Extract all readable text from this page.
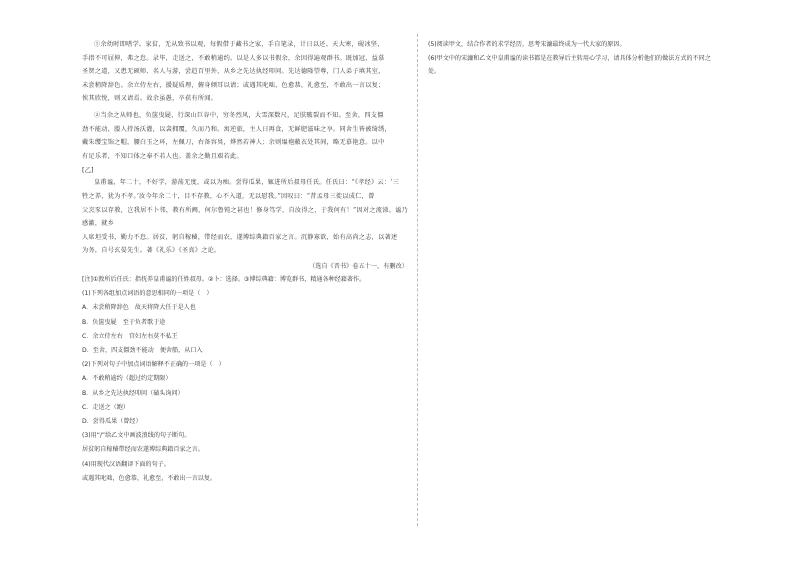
①余幼时即嗜学。家贫，无从致书以观，每假借于藏书之家，手自笔录，计日以还。天大寒，砚冰坚，

手指不可屈伸，弗之怠。录毕，走送之，不敢稍逾约。以是人多以书假余，余因得遍观群书。既加冠，益慕

圣贤之道，又患无硕师、名人与游，尝趋百里外，从乡之先达执经叩问。先达德隆望尊，门人弟子填其室，

未尝稍降辞色。余立侍左右，援疑质理，俯身倾耳以请；或遇其叱咄，色愈恭，礼愈至，不敢出一言以复；

俟其欣悦，则又请焉。故余虽愚，卒获有所闻。

②当余之从师也，负箧曳屣，行深山巨谷中，穷冬烈风，大雪深数尺，足肤皲裂而不知。至舍，四支僵

劲不能动，媵人持汤沃灌，以衾拥覆，久而乃和。寓逆旅，主人日再食，无鲜肥滋味之享。同舍生皆被绮绣，

戴朱缨宝饰之帽，腰白玉之环，左佩刀，右备容臭，烨然若神人；余则缊袍敝衣处其间，略无慕艳意。以中

有足乐者，不知口体之奉不若人也。盖余之勤且艰若此。

[乙]

皇甫谧，年二十，不好学，游荡无度，或以为痴。尝得瓜果，辄进所后叔母任氏。任氏曰：“《孝经》云：‘三

牲之养，犹为不孝。’汝今年余二十，目不存教，心不入道，无以慰我。”因叹曰：“昔孟母三徙以成仁，曾

父烹豕以存教，岂我居不卜邻，教有所阙，何尔鲁钝之甚也！修身笃学，自汝得之，于我何有！”因对之流涕。谧乃感激，就乡

人席坦受书，勤力不怠。居贫，躬自稼穑，带经而农，遂博综典籍百家之言。沉静寡欲，始有高尚之志，以著述

为务，自号玄晏先生。著《礼乐》《圣真》之论。

（选自《晋书》卷五十一，有删改）

[注]①敦所后任氏：指抚养皇甫谧的任姓叔母。②卜：选择。③博综典籍：博览群书，精通各种经籍著作。

(1)下列各组加点词语的意思相同的一项是（　）

A．未尝稍降辞色　故天将降大任于是人也

B．负箧曳屣　至于负者歌于途

C．余立侍左右　宫妇左右莫不私王

D．至舍，四支僵劲不能动　便舍船，从口入

(2)下列对句子中加点词语解释不正确的一项是（　）

A．不敢稍逾约（超过约定期限）

B．从乡之先达执经叩问（磕头询问）

C．走送之（跑）

D．尝得瓜果（曾经）

(3)用“/”给乙文中画波浪线的句子断句。

居贫躬自稼穑带经而农遂博综典籍百家之言。

(4)用现代汉语翻译下面的句子。

或遇其叱咄，色愈恭，礼愈至，不敢出一言以复。

(5)阅读甲文，结合作者的求学经历，思考宋濂最终成为一代大家的原因。

(6)甲文中的宋濂和乙文中皇甫谧的读书都是在教导后主转用心学习，请具体分析他们的做法方式的不同之

处。
